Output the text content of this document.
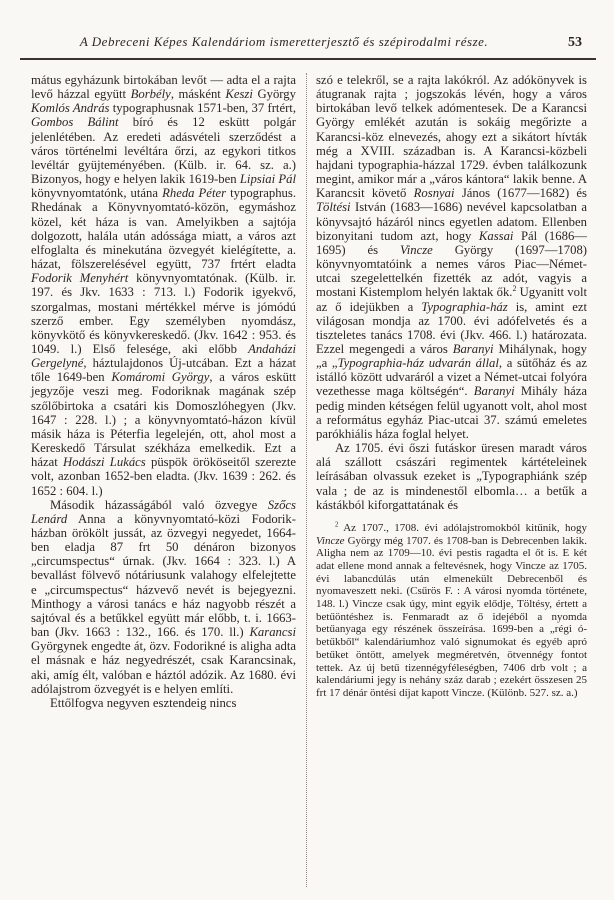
A Debreceni Képes Kalendáriom ismeretterjesztő és szépirodalmi része.	53

mátus egyházunk birtokában levőt — adta el a rajta levő házzal együtt Borbély, másként Keszi György Komlós András typographusnak 1571-ben, 37 frtért, Gombos Bálint bíró és 12 eskütt polgár jelenlétében. Az eredeti adásvételi szerződést a város történelmi levéltára őrzi, az egykori titkos levéltár gyüjteményében. (Külb. ir. 64. sz. a.) Bizonyos, hogy e helyen lakik 1619-ben Lipsiai Pál könyvnyomtatónk, utána Rheda Péter typographus. Rhedának a Könyvnyomtató-közön, egymáshoz közel, két háza is van. Amelyikben a sajtója dolgozott, halála után adóssága miatt, a város azt elfoglalta és minekutána özvegyét kielégítette, a. házat, fölszerelésével együtt, 737 frtért eladta Fodorik Menyhért könyvnyomtatónak. (Külb. ir. 197. és Jkv. 1633 : 713. l.) Fodorik igyekvő, szorgalmas, mostani mértékkel mérve is jómódú szerző ember. Egy személyben nyomdász, könyvkötő és könyvkereskedő. (Jkv. 1642 : 953. és 1049. l.) Első felesége, aki előbb Andaházi Gergelyné, háztulajdonos Új-utcában. Ezt a házat tőle 1649-ben Komáromi György, a város eskütt jegyzője veszi meg. Fodoriknak magának szép szőlőbirtoka a csatári kis Domoszlóhegyen (Jkv. 1647 : 228. l.) ; a könyvnyomtató-házon kívül másik háza is Péterfia legelején, ott, ahol most a Kereskedő Társulat székháza emelkedik. Ezt a házat Hodászi Lukács püspök örököseitől szerezte volt, azonban 1652-ben eladta. (Jkv. 1639 : 262. és 1652 : 604. l.)

Második házasságából való özvegye Szőcs Lenárd Anna a könyvnyomtató-közi Fodorik-házban örökölt jussát, az özvegyi negyedet, 1664-ben eladja 87 frt 50 dénáron bizonyos „circumspectus“ úrnak. (Jkv. 1664 : 323. l.) A bevallást fölvevő nótáriusunk valahogy elfelejtette e „circumspectus“ házvevő nevét is bejegyezni. Minthogy a városi tanács e ház nagyobb részét a sajtóval és a betűkkel együtt már előbb, t. i. 1663-ban (Jkv. 1663 : 132., 166. és 170. ll.) Karancsi Györgynek engedte át, özv. Fodorikné is aligha adta el másnak e ház negyedrészét, csak Karancsinak, aki, amíg élt, valóban e háztól adózik. Az 1680. évi adólajstrom özvegyét is e helyen említi.

Ettőlfogva negyven esztendeig nincs

szó e telekről, se a rajta lakókról. Az adókönyvek is átugranak rajta ; jogszokás lévén, hogy a város birtokában levő telkek adómentesek. De a Karancsi György emlékét azután is sokáig megőrizte a Karancsi-köz elnevezés, ahogy ezt a sikátort hívták még a XVIII. században is. A Karancsi-közbeli hajdani typographia-házzal 1729. évben találkozunk megint, amikor már a „város kántora“ lakik benne. A Karancsit követő Rosnyai János (1677—1682) és Töltési István (1683—1686) nevével kapcsolatban a könyvsajtó házáról nincs egyetlen adatom. Ellenben bizonyitani tudom azt, hogy Kassai Pál (1686—1695) és Vincze György (1697—1708) könyvnyomtatóink a nemes város Piac—Német-utcai szegelettelkén fizették az adót, vagyis a mostani Kistemplom helyén laktak ők.$^2$ Ugyanitt volt az ő idejükben a Typographia-ház is, amint ezt világosan mondja az 1700. évi adófelvetés és a tiszteletes tanács 1708. évi (Jkv. 466. l.) határozata. Ezzel megengedi a város Baranyi Mihálynak, hogy „a „Typographia-ház udvarán állal, a sütőház és az istálló között udvaráról a vizet a Német-utcai folyóra vezethesse maga költségén“. Baranyi Mihály háza pedig minden kétségen felül ugyanott volt, ahol most a református egyház Piac-utcai 37. számú emeletes parókhiális háza foglal helyet.

Az 1705. évi őszi futáskor üresen maradt város alá szállott császári regimentek kártételeinek leírásában olvassuk ezeket is „Typographiánk szép vala ; de az is mindenestől elbomla… a betűk a kástákból kiforgattatának és

$^2$ Az 1707., 1708. évi adólajstromokból kitűnik, hogy Vincze György még 1707. és 1708-ban is Debrecenben lakik. Aligha nem az 1709—10. évi pestis ragadta el őt is. E két adat ellene mond annak a feltevésnek, hogy Vincze az 1705. évi labancdúlás után elmenekült Debrecenből és nyomaveszett neki. (Csűrös F. : A városi nyomda története, 148. l.) Vincze csak úgy, mint egyik elődje, Töltésy, értett a betűöntéshez is. Fenmaradt az ő idejéből a nyomda betűanyaga egy részének összeírása. 1699-ben a „régi ó-betűkből“ kalendáriumhoz való signumokat és egyéb apró betűket öntött, amelyek megméretvén, ötvennégy fontot tettek. Az új betű tizennégyféleségben, 7406 drb volt ; a kalendáriumi jegy is nehány száz darab ; ezekért összesen 25 frt 17 dénár öntési díjat kapott Vincze. (Különb. 527. sz. a.)
